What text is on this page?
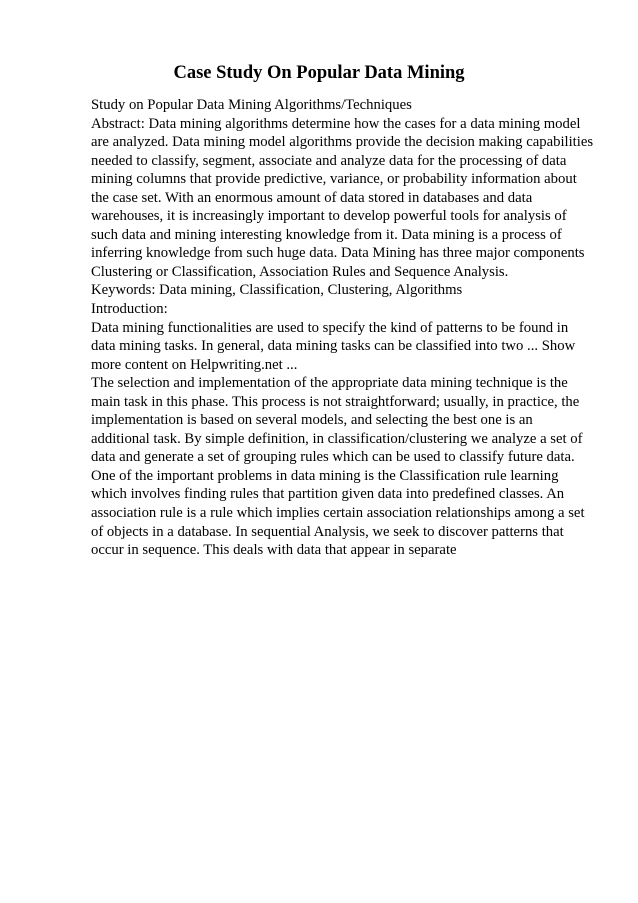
Case Study On Popular Data Mining
Study on Popular Data Mining Algorithms/Techniques
Abstract: Data mining algorithms determine how the cases for a data mining model
are analyzed. Data mining model algorithms provide the decision making capabilities
needed to classify, segment, associate and analyze data for the processing of data
mining columns that provide predictive, variance, or probability information about
the case set. With an enormous amount of data stored in databases and data
warehouses, it is increasingly important to develop powerful tools for analysis of
such data and mining interesting knowledge from it. Data mining is a process of
inferring knowledge from such huge data. Data Mining has three major components
Clustering or Classification, Association Rules and Sequence Analysis.
Keywords: Data mining, Classification, Clustering, Algorithms
Introduction:
Data mining functionalities are used to specify the kind of patterns to be found in
data mining tasks. In general, data mining tasks can be classified into two ... Show
more content on Helpwriting.net ...
The selection and implementation of the appropriate data mining technique is the
main task in this phase. This process is not straightforward; usually, in practice, the
implementation is based on several models, and selecting the best one is an
additional task. By simple definition, in classification/clustering we analyze a set of
data and generate a set of grouping rules which can be used to classify future data.
One of the important problems in data mining is the Classification rule learning
which involves finding rules that partition given data into predefined classes. An
association rule is a rule which implies certain association relationships among a set
of objects in a database. In sequential Analysis, we seek to discover patterns that
occur in sequence. This deals with data that appear in separate
